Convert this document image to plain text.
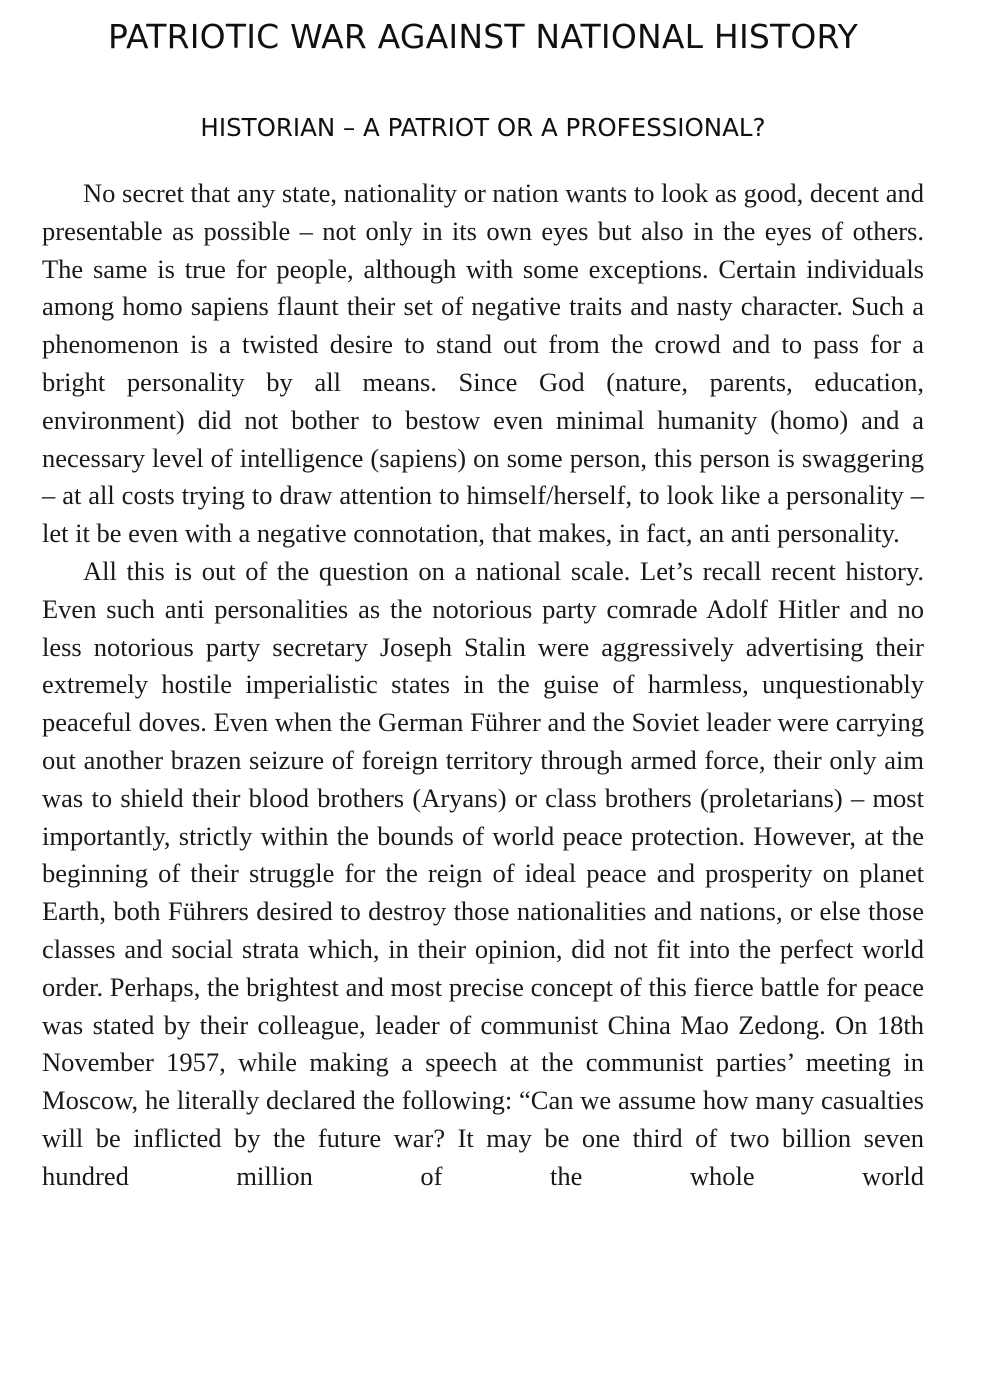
PATRIOTIC WAR AGAINST NATIONAL HISTORY
HISTORIAN – A PATRIOT OR A PROFESSIONAL?

No secret that any state, nationality or nation wants to look as good, decent and presentable as possible – not only in its own eyes but also in the eyes of others. The same is true for people, although with some exceptions. Certain individuals among homo sapiens flaunt their set of negative traits and nasty character. Such a phenomenon is a twisted desire to stand out from the crowd and to pass for a bright personality by all means. Since God (nature, parents, education, environment) did not bother to bestow even minimal humanity (homo) and a necessary level of intelligence (sapiens) on some person, this person is swaggering – at all costs trying to draw attention to himself/herself, to look like a personality – let it be even with a negative connotation, that makes, in fact, an anti personality.

All this is out of the question on a national scale. Let’s recall recent history. Even such anti personalities as the notorious party comrade Adolf Hitler and no less notorious party secretary Joseph Stalin were aggressively advertising their extremely hostile imperialistic states in the guise of harmless, unquestionably peaceful doves. Even when the German Führer and the Soviet leader were carrying out another brazen seizure of foreign territory through armed force, their only aim was to shield their blood brothers (Aryans) or class brothers (proletarians) – most importantly, strictly within the bounds of world peace protection. However, at the beginning of their struggle for the reign of ideal peace and prosperity on planet Earth, both Führers desired to destroy those nationalities and nations, or else those classes and social strata which, in their opinion, did not fit into the perfect world order. Perhaps, the brightest and most precise concept of this fierce battle for peace was stated by their colleague, leader of communist China Mao Zedong. On 18th November 1957, while making a speech at the communist parties’ meeting in Moscow, he literally declared the following: “Can we assume how many casualties will be inflicted by the future war? It may be one third of two billion seven hundred million of the whole world
